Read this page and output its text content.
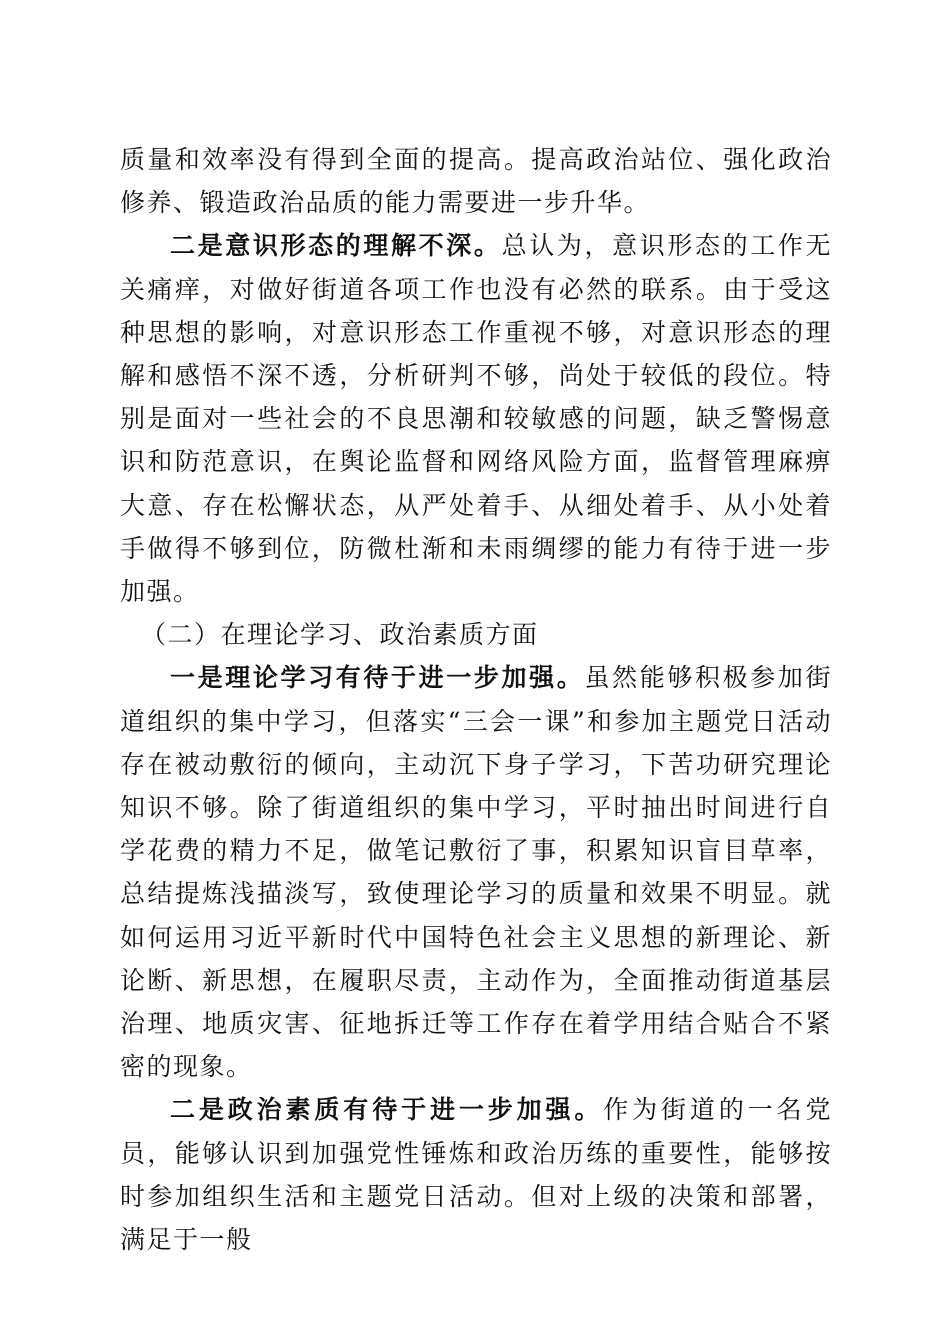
质量和效率没有得到全面的提高。提高政治站位、强化政治修养、锻造政治品质的能力需要进一步升华。

二是意识形态的理解不深。总认为，意识形态的工作无关痛痒，对做好街道各项工作也没有必然的联系。由于受这种思想的影响，对意识形态工作重视不够，对意识形态的理解和感悟不深不透，分析研判不够，尚处于较低的段位。特别是面对一些社会的不良思潮和较敏感的问题，缺乏警惕意识和防范意识，在舆论监督和网络风险方面，监督管理麻痹大意、存在松懈状态，从严处着手、从细处着手、从小处着手做得不够到位，防微杜渐和未雨绸缪的能力有待于进一步加强。

（二）在理论学习、政治素质方面

一是理论学习有待于进一步加强。虽然能够积极参加街道组织的集中学习，但落实“三会一课”和参加主题党日活动存在被动敷衍的倾向，主动沉下身子学习，下苦功研究理论知识不够。除了街道组织的集中学习，平时抽出时间进行自学花费的精力不足，做笔记敷衍了事，积累知识盲目草率，总结提炼浅描淡写，致使理论学习的质量和效果不明显。就如何运用习近平新时代中国特色社会主义思想的新理论、新论断、新思想，在履职尽责，主动作为，全面推动街道基层治理、地质灾害、征地拆迁等工作存在着学用结合贴合不紧密的现象。

二是政治素质有待于进一步加强。作为街道的一名党员，能够认识到加强党性锤炼和政治历练的重要性，能够按时参加组织生活和主题党日活动。但对上级的决策和部署，满足于一般
